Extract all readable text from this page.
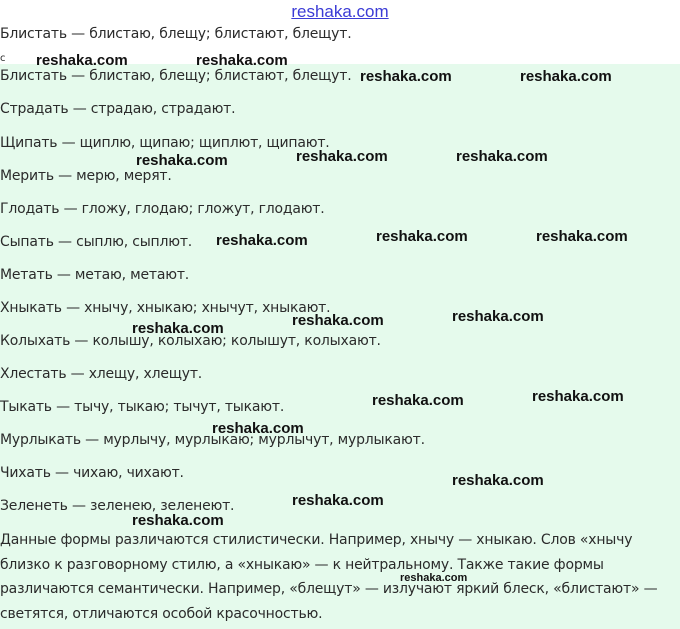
reshaka.com
Блистать — блистаю, блещу; блистают, блещут.
с
Блистать — блистаю, блещу; блистают, блещут.
Страдать — страдаю, страдают.
Щипать — щиплю, щипаю; щиплют, щипают.
Мерить — мерю, мерят.
Глодать — гложу, глодаю; гложут, глодают.
Сыпать — сыплю, сыплют.
Метать — метаю, метают.
Хныкать — хнычу, хныкаю; хнычут, хныкают.
Колыхать — колышу, колыхаю; колышут, колыхают.
Хлестать — хлещу, хлещут.
Тыкать — тычу, тыкаю; тычут, тыкают.
Мурлыкать — мурлычу, мурлыкаю; мурлычут, мурлыкают.
Чихать — чихаю, чихают.
Зеленеть — зеленею, зеленеют.
Данные формы различаются стилистически. Например, хнычу — хныкаю. Слов «хнычу близко к разговорному стилю, а «хныкаю» — к нейтральному. Также такие формы различаются семантически. Например, «блещут» — излучают яркий блеск, «блистают» — светятся, отличаются особой красочностью.
reshaka.com	reshaka.com
reshaka.com	reshaka.com
reshaka.com	reshaka.com	reshaka.com
reshaka.com	reshaka.com	reshaka.com
reshaka.com	reshaka.com	reshaka.com
reshaka.com	reshaka.com
reshaka.com
reshaka.com
reshaka.com
reshaka.com
reshaka.com
